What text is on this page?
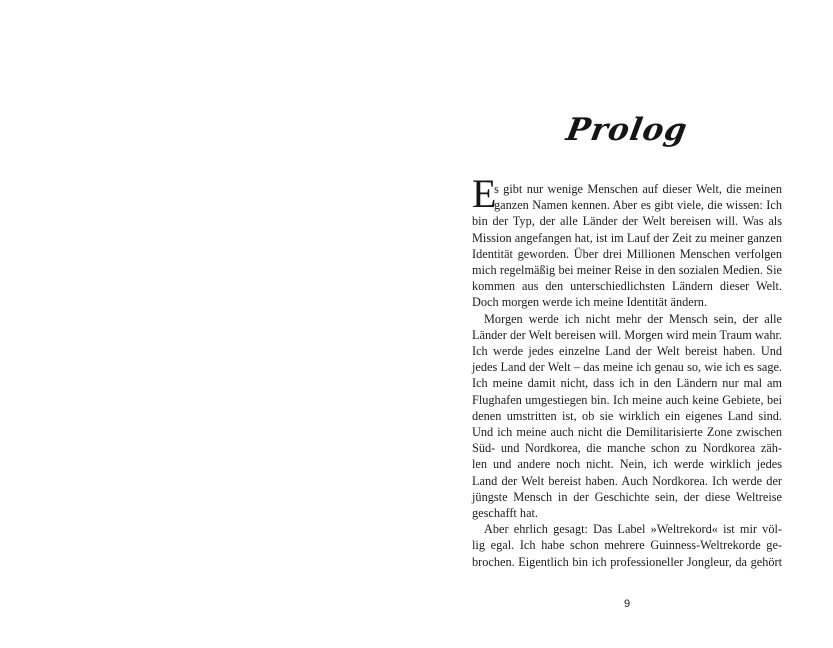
Prolog
E
s gibt nur wenige Menschen auf dieser Welt, die meinen
ganzen Namen kennen. Aber es gibt viele, die wissen: Ich
bin der Typ, der alle Länder der Welt bereisen will. Was als
Mission angefangen hat, ist im Lauf der Zeit zu meiner ganzen
Identität geworden. Über drei Millionen Menschen verfolgen
mich regelmäßig bei meiner Reise in den sozialen Medien. Sie
kommen aus den unterschiedlichsten Ländern dieser Welt.
Doch morgen werde ich meine Identität ändern.
Morgen werde ich nicht mehr der Mensch sein, der alle
Länder der Welt bereisen will. Morgen wird mein Traum wahr.
Ich werde jedes einzelne Land der Welt bereist haben. Und
jedes Land der Welt – das meine ich genau so, wie ich es sage.
Ich meine damit nicht, dass ich in den Ländern nur mal am
Flughafen umgestiegen bin. Ich meine auch keine Gebiete, bei
denen umstritten ist, ob sie wirklich ein eigenes Land sind.
Und ich meine auch nicht die Demilitarisierte Zone zwischen
Süd- und Nordkorea, die manche schon zu Nordkorea zäh-
len und andere noch nicht. Nein, ich werde wirklich jedes
Land der Welt bereist haben. Auch Nordkorea. Ich werde der
jüngste Mensch in der Geschichte sein, der diese Weltreise
geschafft hat.
Aber ehrlich gesagt: Das Label »Weltrekord« ist mir völ-
lig egal. Ich habe schon mehrere Guinness-Weltrekorde ge-
brochen. Eigentlich bin ich professioneller Jongleur, da gehört
9
